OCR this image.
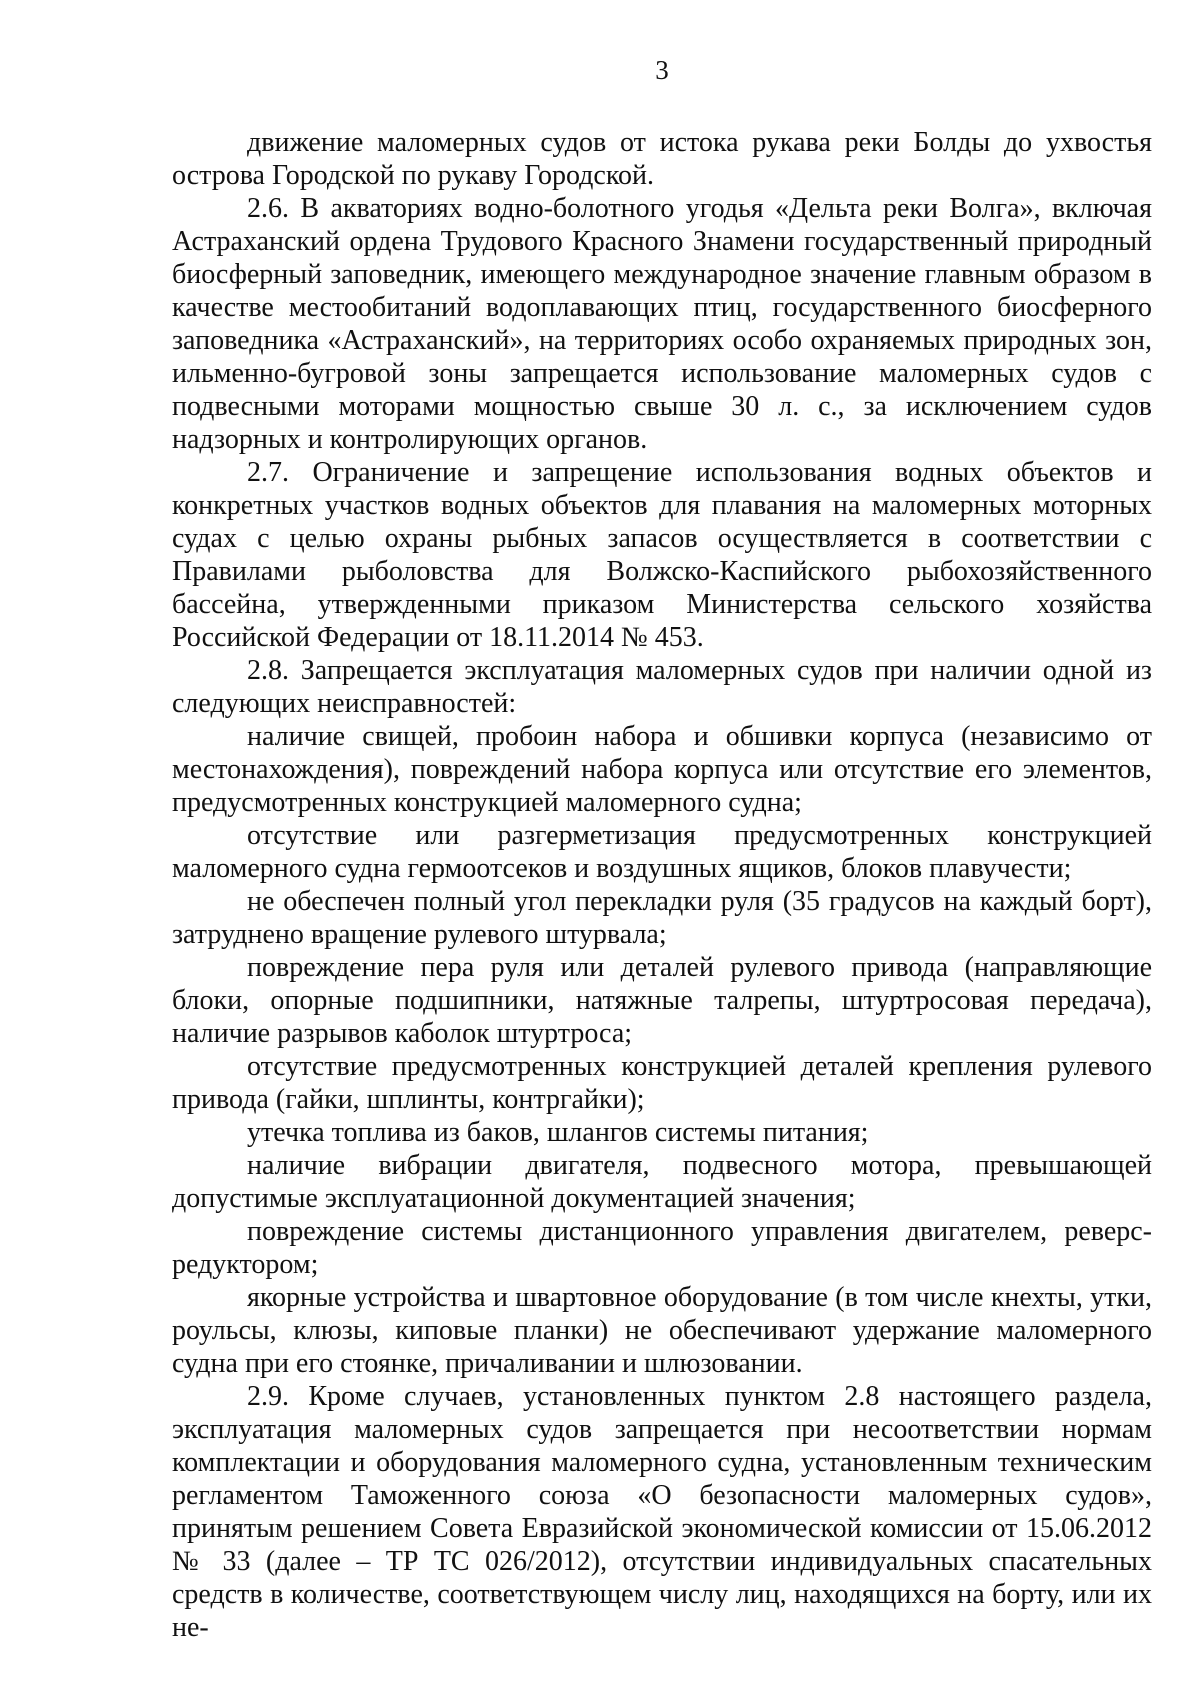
3

движение маломерных судов от истока рукава реки Болды до ухвостья острова Городской по рукаву Городской.

2.6. В акваториях водно-болотного угодья «Дельта реки Волга», включая Астраханский ордена Трудового Красного Знамени государственный природный биосферный заповедник, имеющего международное значение главным образом в качестве местообитаний водоплавающих птиц, государственного биосферного заповедника «Астраханский», на территориях особо охраняемых природных зон, ильменно-бугровой зоны запрещается использование маломерных судов с подвесными моторами мощностью свыше 30 л. с., за исключением судов надзорных и контролирующих органов.

2.7. Ограничение и запрещение использования водных объектов и конкретных участков водных объектов для плавания на маломерных моторных судах с целью охраны рыбных запасов осуществляется в соответствии с Правилами рыболовства для Волжско-Каспийского рыбохозяйственного бассейна, утвержденными приказом Министерства сельского хозяйства Российской Федерации от 18.11.2014 № 453.

2.8. Запрещается эксплуатация маломерных судов при наличии одной из следующих неисправностей:

наличие свищей, пробоин набора и обшивки корпуса (независимо от местонахождения), повреждений набора корпуса или отсутствие его элементов, предусмотренных конструкцией маломерного судна;

отсутствие или разгерметизация предусмотренных конструкцией маломерного судна гермоотсеков и воздушных ящиков, блоков плавучести;

не обеспечен полный угол перекладки руля (35 градусов на каждый борт), затруднено вращение рулевого штурвала;

повреждение пера руля или деталей рулевого привода (направляющие блоки, опорные подшипники, натяжные талрепы, штуртросовая передача), наличие разрывов каболок штуртроса;

отсутствие предусмотренных конструкцией деталей крепления рулевого привода (гайки, шплинты, контргайки);

утечка топлива из баков, шлангов системы питания;

наличие вибрации двигателя, подвесного мотора, превышающей допустимые эксплуатационной документацией значения;

повреждение системы дистанционного управления двигателем, реверс-редуктором;

якорные устройства и швартовное оборудование (в том числе кнехты, утки, роульсы, клюзы, киповые планки) не обеспечивают удержание маломерного судна при его стоянке, причаливании и шлюзовании.

2.9. Кроме случаев, установленных пунктом 2.8 настоящего раздела, эксплуатация маломерных судов запрещается при несоответствии нормам комплектации и оборудования маломерного судна, установленным техническим регламентом Таможенного союза «О безопасности маломерных судов», принятым решением Совета Евразийской экономической комиссии от 15.06.2012 № 33 (далее – ТР ТС 026/2012), отсутствии индивидуальных спасательных средств в количестве, соответствующем числу лиц, находящихся на борту, или их не-
